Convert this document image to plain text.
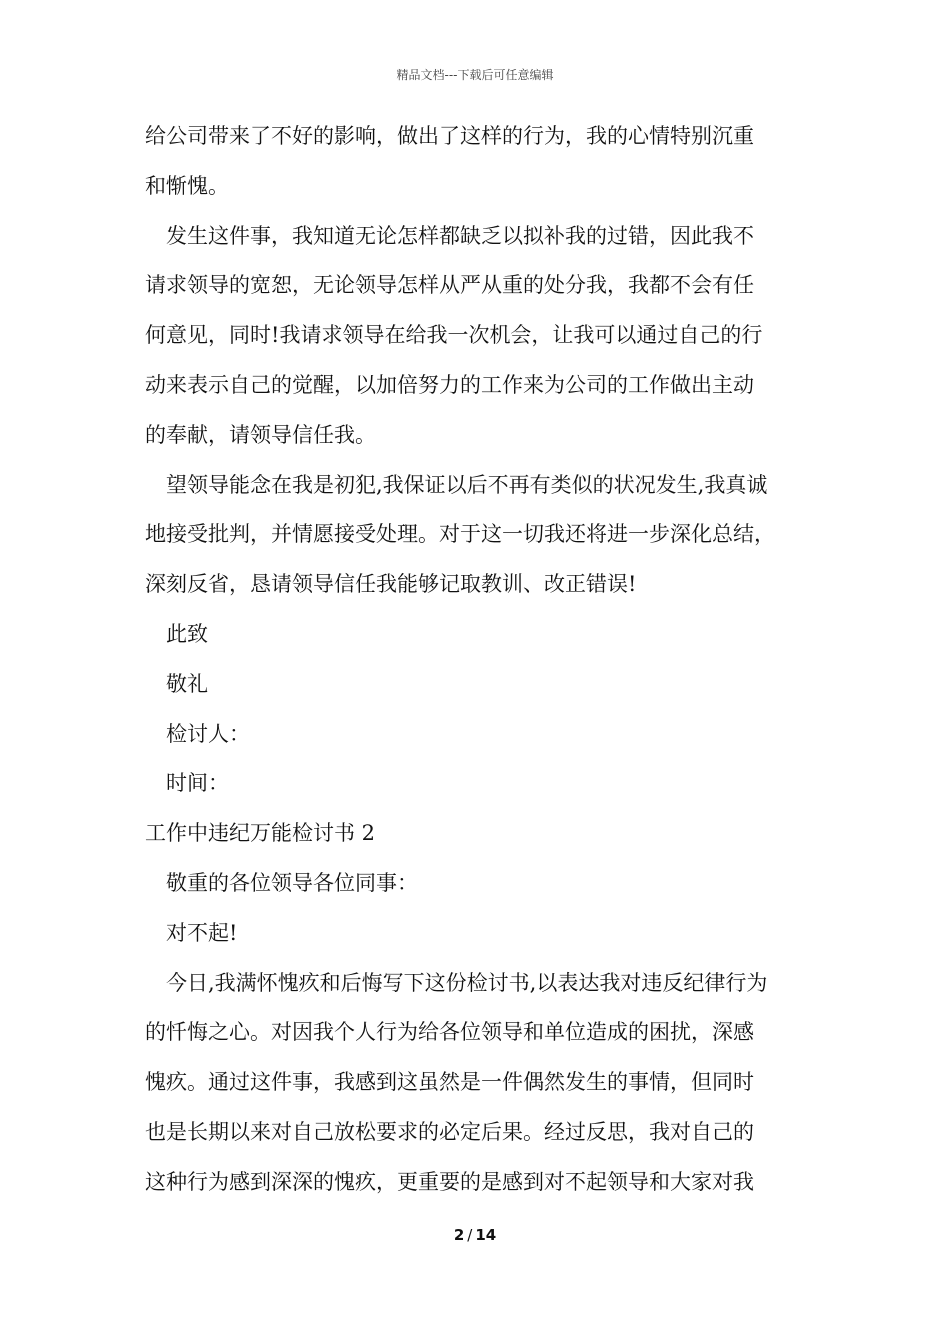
精品文档---下载后可任意编辑
给公司带来了不好的影响，做出了这样的行为，我的心情特别沉重
和惭愧。
发生这件事，我知道无论怎样都缺乏以拟补我的过错，因此我不
请求领导的宽恕，无论领导怎样从严从重的处分我，我都不会有任
何意见，同时!我请求领导在给我一次机会，让我可以通过自己的行
动来表示自己的觉醒，以加倍努力的工作来为公司的工作做出主动
的奉献，请领导信任我。
望领导能念在我是初犯,我保证以后不再有类似的状况发生,我真诚
地接受批判，并情愿接受处理。对于这一切我还将进一步深化总结，
深刻反省，恳请领导信任我能够记取教训、改正错误!
此致
敬礼
检讨人：
时间：
工作中违纪万能检讨书 2
敬重的各位领导各位同事：
对不起!
今日,我满怀愧疚和后悔写下这份检讨书,以表达我对违反纪律行为
的忏悔之心。对因我个人行为给各位领导和单位造成的困扰，深感
愧疚。通过这件事，我感到这虽然是一件偶然发生的事情，但同时
也是长期以来对自己放松要求的必定后果。经过反思，我对自己的
这种行为感到深深的愧疚，更重要的是感到对不起领导和大家对我
2 / 14
